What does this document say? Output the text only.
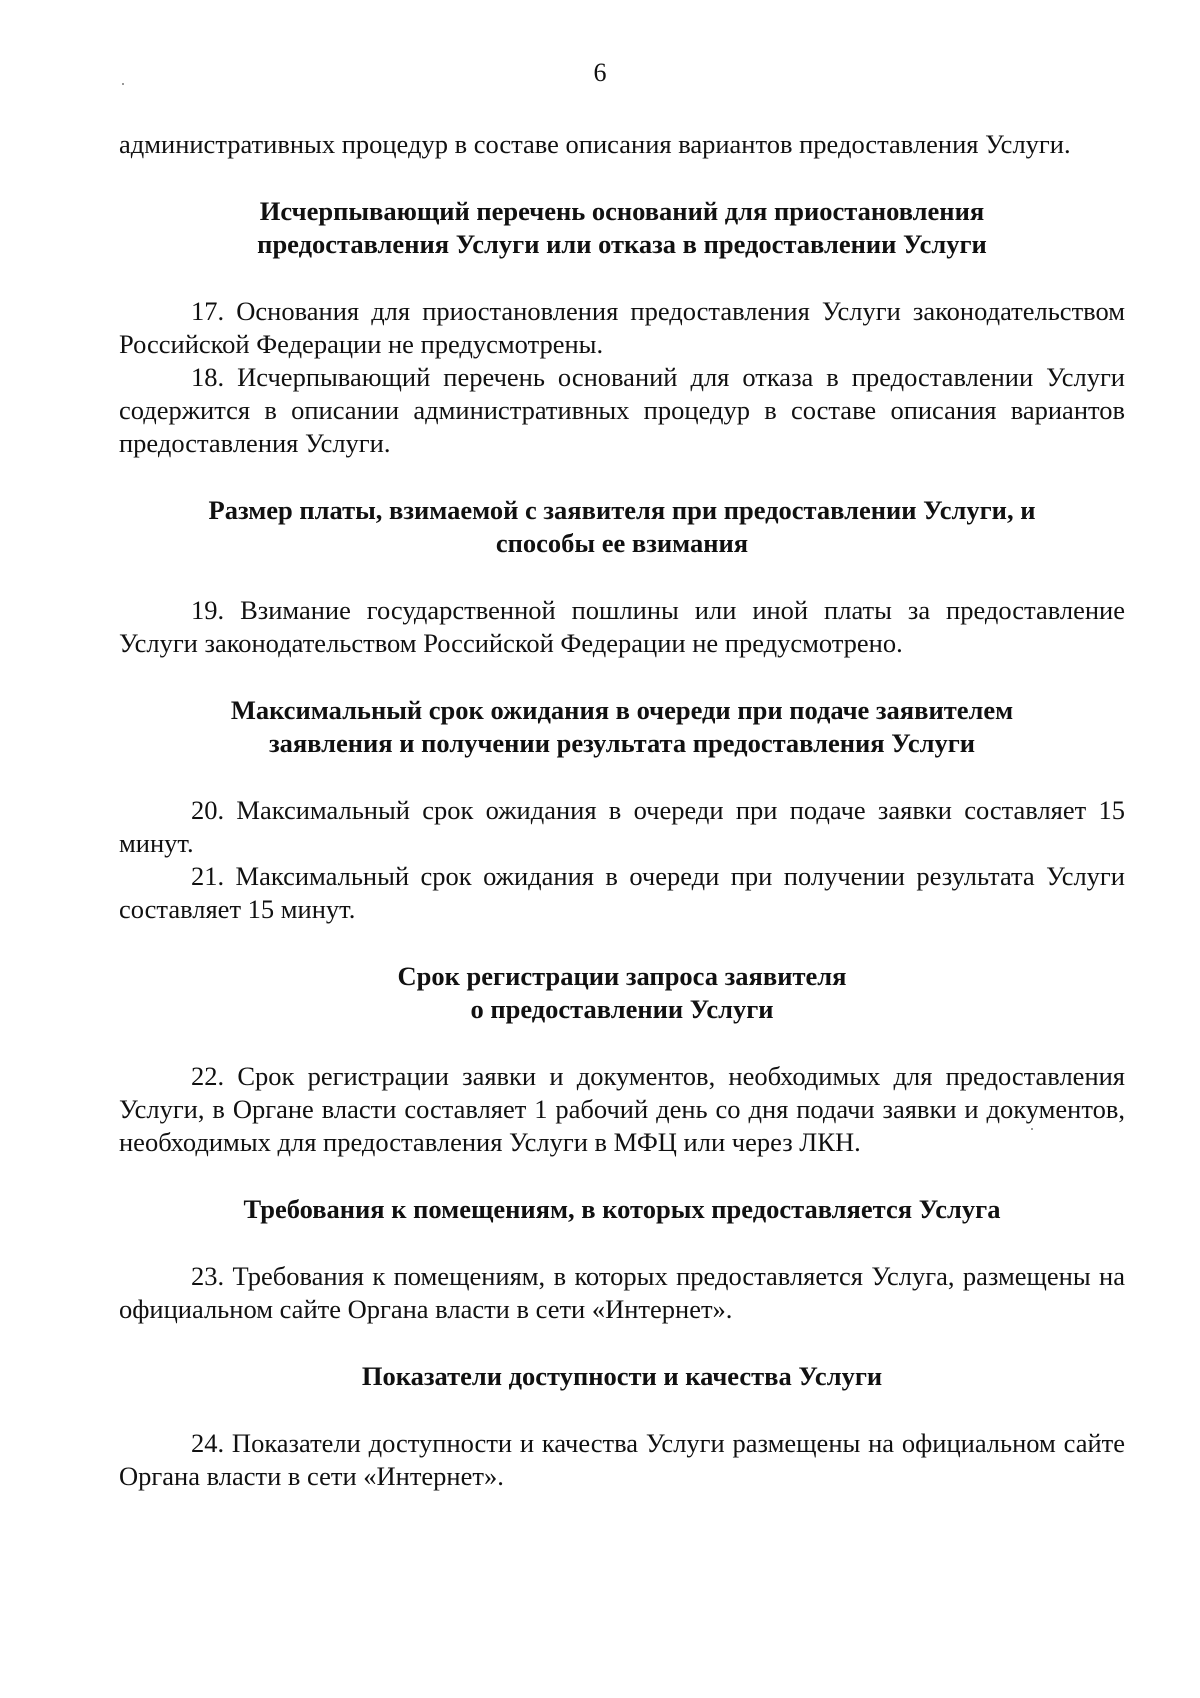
6

административных процедур в составе описания вариантов предоставления Услуги.

Исчерпывающий перечень оснований для приостановления
предоставления Услуги или отказа в предоставлении Услуги

17. Основания для приостановления предоставления Услуги законодательством Российской Федерации не предусмотрены.

18. Исчерпывающий перечень оснований для отказа в предоставлении Услуги содержится в описании административных процедур в составе описания вариантов предоставления Услуги.

Размер платы, взимаемой с заявителя при предоставлении Услуги, и
способы ее взимания

19. Взимание государственной пошлины или иной платы за предоставление Услуги законодательством Российской Федерации не предусмотрено.

Максимальный срок ожидания в очереди при подаче заявителем
заявления и получении результата предоставления Услуги

20. Максимальный срок ожидания в очереди при подаче заявки составляет 15 минут.

21. Максимальный срок ожидания в очереди при получении результата Услуги составляет 15 минут.

Срок регистрации запроса заявителя
о предоставлении Услуги

22. Срок регистрации заявки и документов, необходимых для предоставления Услуги, в Органе власти составляет 1 рабочий день со дня подачи заявки и документов, необходимых для предоставления Услуги в МФЦ или через ЛКН.

Требования к помещениям, в которых предоставляется Услуга

23. Требования к помещениям, в которых предоставляется Услуга, размещены на официальном сайте Органа власти в сети «Интернет».

Показатели доступности и качества Услуги

24. Показатели доступности и качества Услуги размещены на официальном сайте Органа власти в сети «Интернет».
